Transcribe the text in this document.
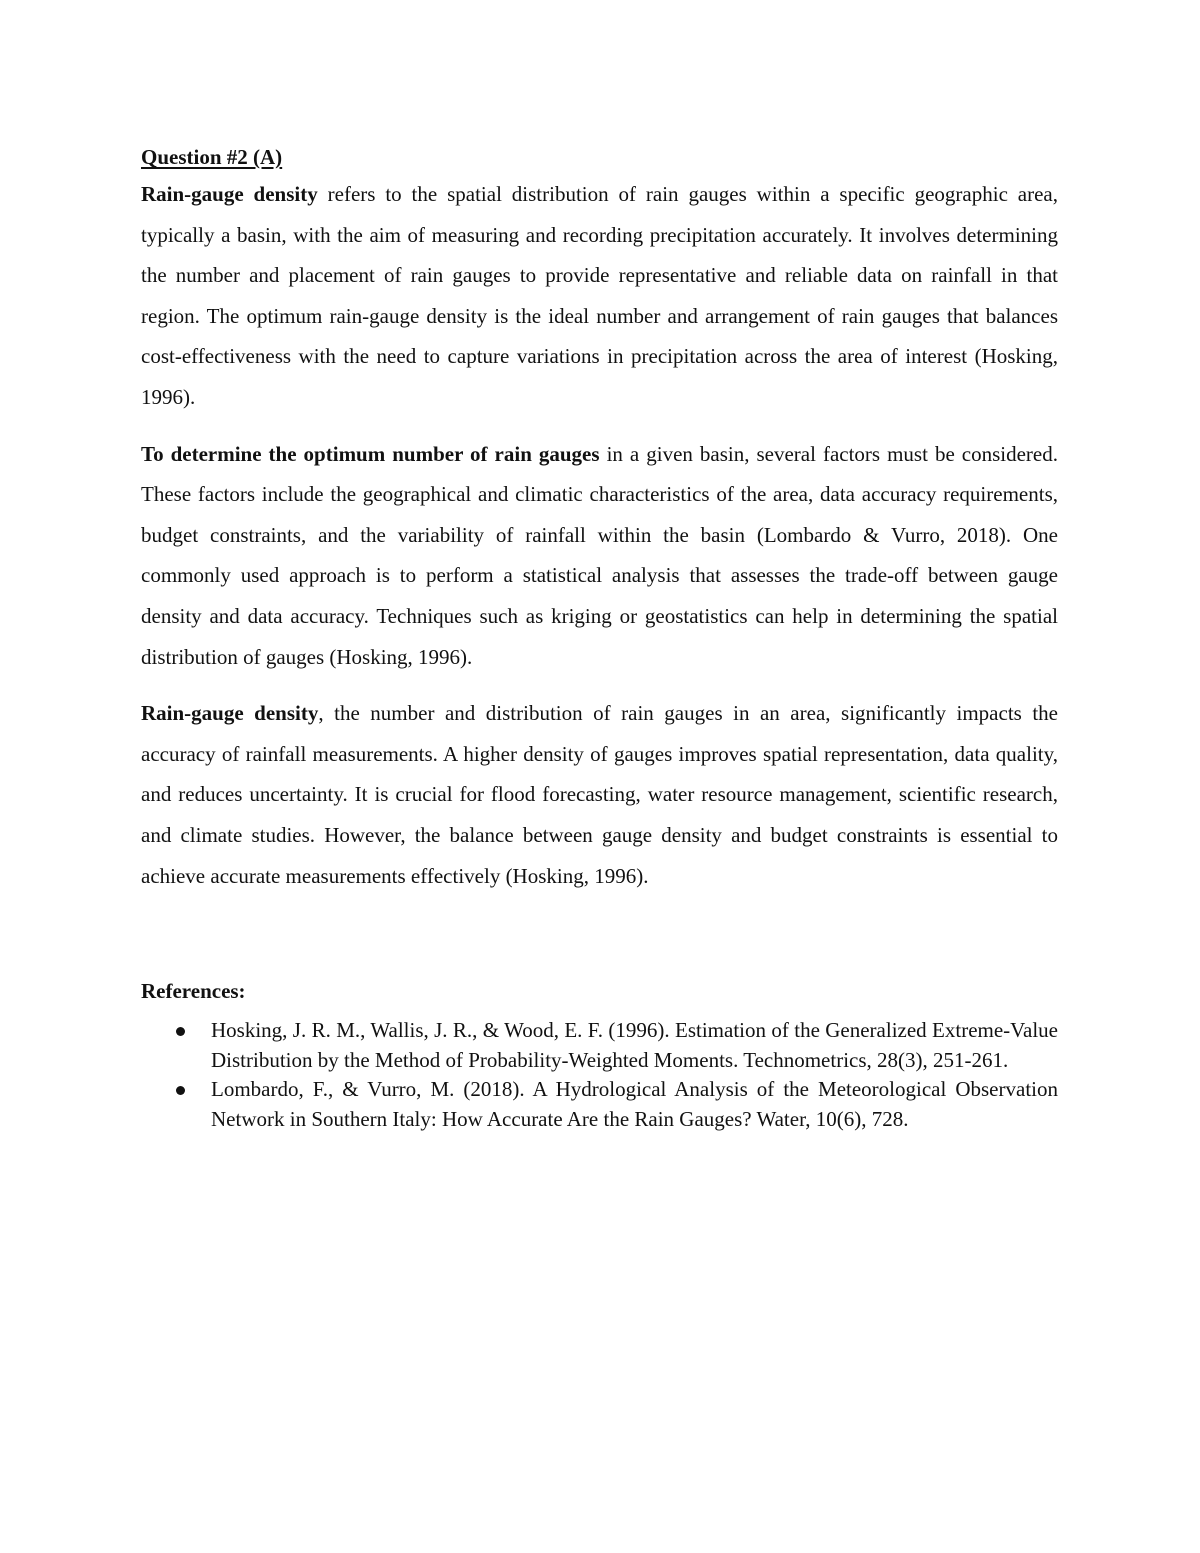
Question #2 (A)

Rain-gauge density refers to the spatial distribution of rain gauges within a specific geographic area, typically a basin, with the aim of measuring and recording precipitation accurately. It involves determining the number and placement of rain gauges to provide representative and reliable data on rainfall in that region. The optimum rain-gauge density is the ideal number and arrangement of rain gauges that balances cost-effectiveness with the need to capture variations in precipitation across the area of interest (Hosking, 1996).

To determine the optimum number of rain gauges in a given basin, several factors must be considered. These factors include the geographical and climatic characteristics of the area, data accuracy requirements, budget constraints, and the variability of rainfall within the basin (Lombardo & Vurro, 2018). One commonly used approach is to perform a statistical analysis that assesses the trade-off between gauge density and data accuracy. Techniques such as kriging or geostatistics can help in determining the spatial distribution of gauges (Hosking, 1996).

Rain-gauge density, the number and distribution of rain gauges in an area, significantly impacts the accuracy of rainfall measurements. A higher density of gauges improves spatial representation, data quality, and reduces uncertainty. It is crucial for flood forecasting, water resource management, scientific research, and climate studies. However, the balance between gauge density and budget constraints is essential to achieve accurate measurements effectively (Hosking, 1996).

References:

Hosking, J. R. M., Wallis, J. R., & Wood, E. F. (1996). Estimation of the Generalized Extreme-Value Distribution by the Method of Probability-Weighted Moments. Technometrics, 28(3), 251-261.
Lombardo, F., & Vurro, M. (2018). A Hydrological Analysis of the Meteorological Observation Network in Southern Italy: How Accurate Are the Rain Gauges? Water, 10(6), 728.
